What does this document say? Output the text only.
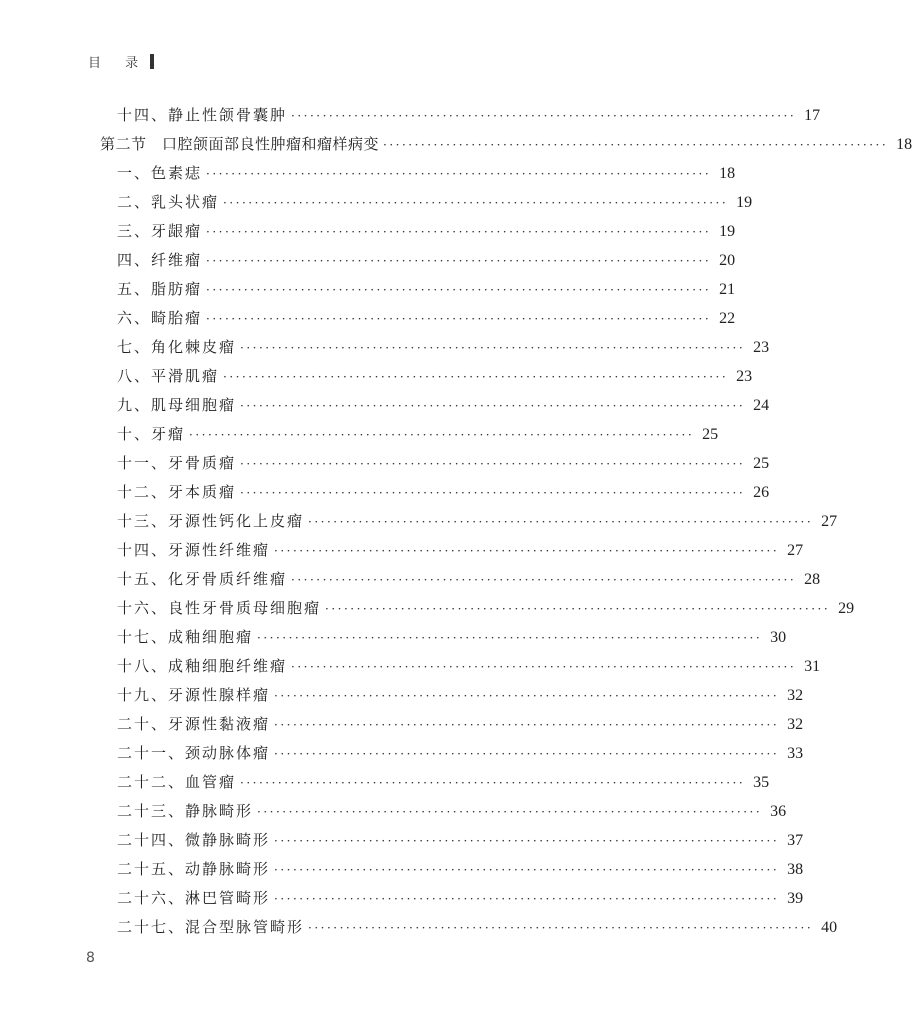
目 录
十四、静止性颌骨囊肿 ················································································ 17
第二节　口腔颌面部良性肿瘤和瘤样病变 ················································································ 18
一、色素痣 ················································································ 18
二、乳头状瘤 ················································································ 19
三、牙龈瘤 ················································································ 19
四、纤维瘤 ················································································ 20
五、脂肪瘤 ················································································ 21
六、畸胎瘤 ················································································ 22
七、角化棘皮瘤 ················································································ 23
八、平滑肌瘤 ················································································ 23
九、肌母细胞瘤 ················································································ 24
十、牙瘤 ················································································ 25
十一、牙骨质瘤 ················································································ 25
十二、牙本质瘤 ················································································ 26
十三、牙源性钙化上皮瘤 ················································································ 27
十四、牙源性纤维瘤 ················································································ 27
十五、化牙骨质纤维瘤 ················································································ 28
十六、良性牙骨质母细胞瘤 ················································································ 29
十七、成釉细胞瘤 ················································································ 30
十八、成釉细胞纤维瘤 ················································································ 31
十九、牙源性腺样瘤 ················································································ 32
二十、牙源性黏液瘤 ················································································ 32
二十一、颈动脉体瘤 ················································································ 33
二十二、血管瘤 ················································································ 35
二十三、静脉畸形 ················································································ 36
二十四、微静脉畸形 ················································································ 37
二十五、动静脉畸形 ················································································ 38
二十六、淋巴管畸形 ················································································ 39
二十七、混合型脉管畸形 ················································································ 40
8
